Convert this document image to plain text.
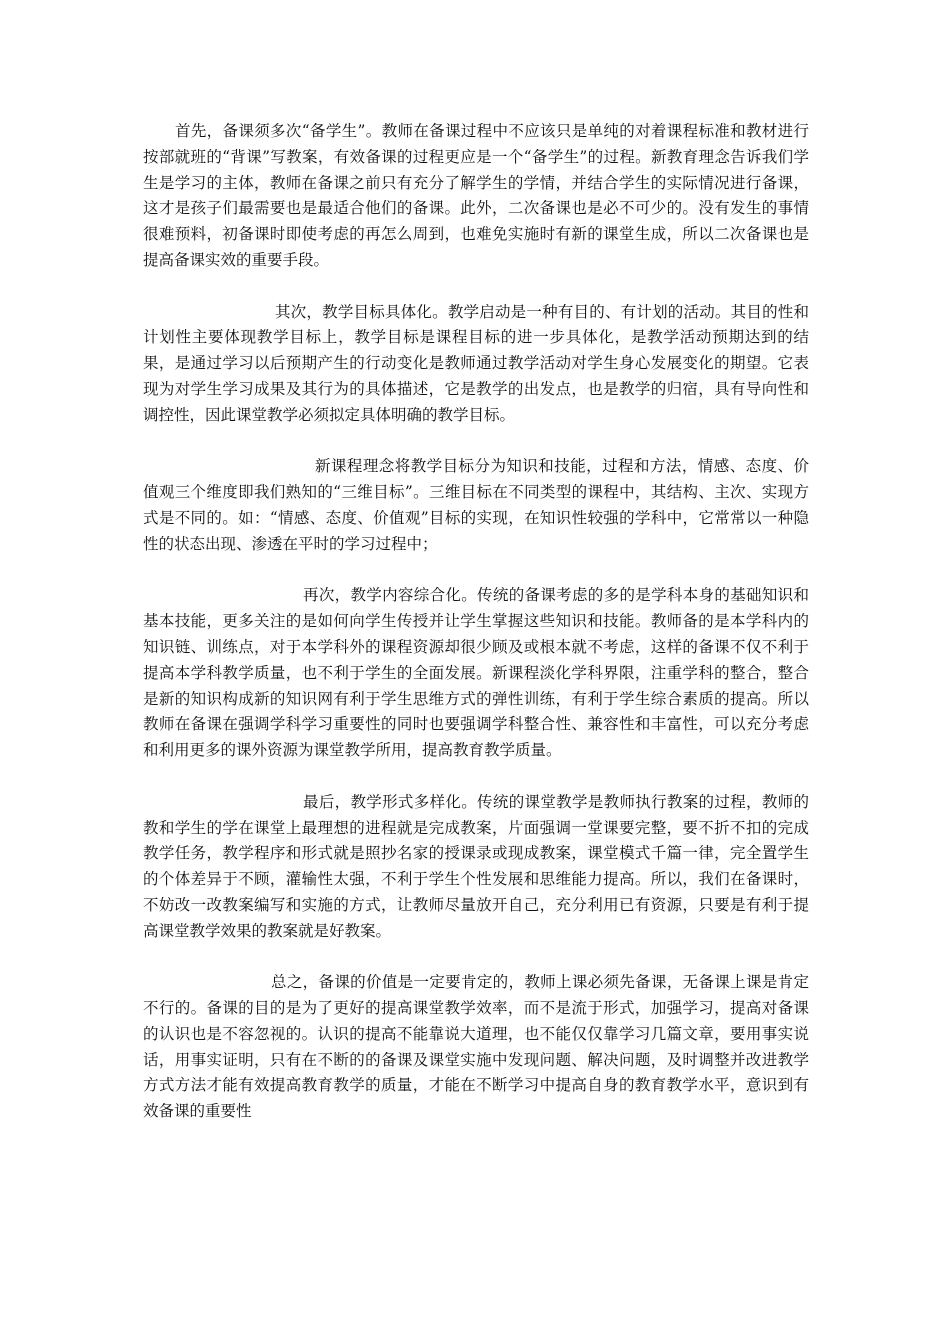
首先，备课须多次“备学生”。教师在备课过程中不应该只是单纯的对着课程标准和教材进行按部就班的“背课”写教案，有效备课的过程更应是一个“备学生”的过程。新教育理念告诉我们学生是学习的主体，教师在备课之前只有充分了解学生的学情，并结合学生的实际情况进行备课，这才是孩子们最需要也是最适合他们的备课。此外，二次备课也是必不可少的。没有发生的事情很难预料，初备课时即使考虑的再怎么周到，也难免实施时有新的课堂生成，所以二次备课也是提高备课实效的重要手段。

其次，教学目标具体化。教学启动是一种有目的、有计划的活动。其目的性和计划性主要体现教学目标上，教学目标是课程目标的进一步具体化，是教学活动预期达到的结果，是通过学习以后预期产生的行动变化是教师通过教学活动对学生身心发展变化的期望。它表现为对学生学习成果及其行为的具体描述，它是教学的出发点，也是教学的归宿，具有导向性和调控性，因此课堂教学必须拟定具体明确的教学目标。

新课程理念将教学目标分为知识和技能，过程和方法，情感、态度、价值观三个维度即我们熟知的“三维目标”。三维目标在不同类型的课程中，其结构、主次、实现方式是不同的。如：“情感、态度、价值观”目标的实现，在知识性较强的学科中，它常常以一种隐性的状态出现、渗透在平时的学习过程中；

再次，教学内容综合化。传统的备课考虑的多的是学科本身的基础知识和基本技能，更多关注的是如何向学生传授并让学生掌握这些知识和技能。教师备的是本学科内的知识链、训练点，对于本学科外的课程资源却很少顾及或根本就不考虑，这样的备课不仅不利于提高本学科教学质量，也不利于学生的全面发展。新课程淡化学科界限，注重学科的整合，整合是新的知识构成新的知识网有利于学生思维方式的弹性训练，有利于学生综合素质的提高。所以教师在备课在强调学科学习重要性的同时也要强调学科整合性、兼容性和丰富性，可以充分考虑和利用更多的课外资源为课堂教学所用，提高教育教学质量。

最后，教学形式多样化。传统的课堂教学是教师执行教案的过程，教师的教和学生的学在课堂上最理想的进程就是完成教案，片面强调一堂课要完整，要不折不扣的完成教学任务，教学程序和形式就是照抄名家的授课录或现成教案，课堂模式千篇一律，完全置学生的个体差异于不顾，灌输性太强，不利于学生个性发展和思维能力提高。所以，我们在备课时，不妨改一改教案编写和实施的方式，让教师尽量放开自己，充分利用已有资源，只要是有利于提高课堂教学效果的教案就是好教案。

总之，备课的价值是一定要肯定的，教师上课必须先备课，无备课上课是肯定不行的。备课的目的是为了更好的提高课堂教学效率，而不是流于形式，加强学习，提高对备课的认识也是不容忽视的。认识的提高不能靠说大道理，也不能仅仅靠学习几篇文章，要用事实说话，用事实证明，只有在不断的的备课及课堂实施中发现问题、解决问题，及时调整并改进教学方式方法才能有效提高教育教学的质量，才能在不断学习中提高自身的教育教学水平，意识到有效备课的重要性
